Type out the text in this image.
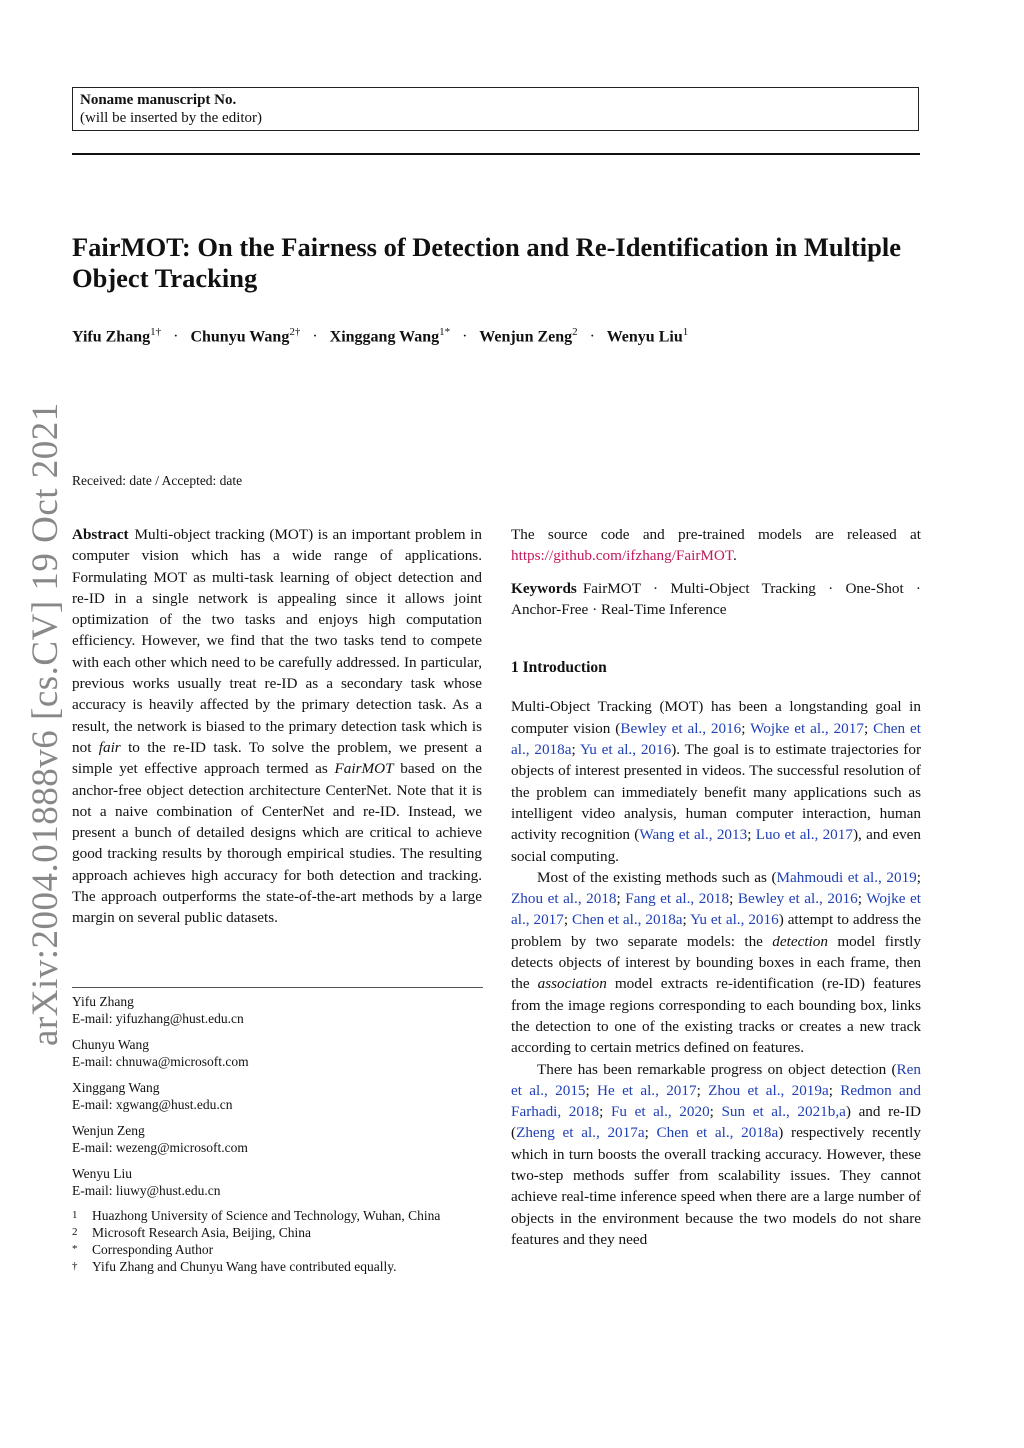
Noname manuscript No.
(will be inserted by the editor)
FairMOT: On the Fairness of Detection and Re-Identification in Multiple Object Tracking
Yifu Zhang$^{1\dagger}$ · Chunyu Wang$^{2\dagger}$ · Xinggang Wang$^{1*}$ · Wenjun Zeng$^2$ · Wenyu Liu$^1$
arXiv:2004.01888v6 [cs.CV] 19 Oct 2021 Received: date / Accepted: date

Abstract Multi-object tracking (MOT) is an important problem in computer vision which has a wide range of applications. Formulating MOT as multi-task learning of object detection and re-ID in a single network is appealing since it allows joint optimization of the two tasks and enjoys high computation efficiency. However, we find that the two tasks tend to compete with each other which need to be carefully addressed. In particular, previous works usually treat re-ID as a secondary task whose accuracy is heavily affected by the primary detection task. As a result, the network is biased to the primary detection task which is not fair to the re-ID task. To solve the problem, we present a simple yet effective approach termed as FairMOT based on the anchor-free object detection architecture CenterNet. Note that it is not a naive combination of CenterNet and re-ID. Instead, we present a bunch of detailed designs which are critical to achieve good tracking results by thorough empirical studies. The resulting approach achieves high accuracy for both detection and tracking. The approach outperforms the state-of-the-art methods by a large margin on several public datasets.

Yifu Zhang
E-mail: yifuzhang@hust.edu.cn
Chunyu Wang
E-mail: chnuwa@microsoft.com
Xinggang Wang
E-mail: xgwang@hust.edu.cn
Wenjun Zeng
E-mail: wezeng@microsoft.com
Wenyu Liu
E-mail: liuwy@hust.edu.cn
1	Huazhong University of Science and Technology, Wuhan, China
2	Microsoft Research Asia, Beijing, China
*	Corresponding Author
†	Yifu Zhang and Chunyu Wang have contributed equally.

The source code and pre-trained models are released at https://github.com/ifzhang/FairMOT.

Keywords FairMOT · Multi-Object Tracking · One-Shot · Anchor-Free · Real-Time Inference

1 Introduction

Multi-Object Tracking (MOT) has been a longstanding goal in computer vision (Bewley et al., 2016; Wojke et al., 2017; Chen et al., 2018a; Yu et al., 2016). The goal is to estimate trajectories for objects of interest presented in videos. The successful resolution of the problem can immediately benefit many applications such as intelligent video analysis, human computer interaction, human activity recognition (Wang et al., 2013; Luo et al., 2017), and even social computing.

Most of the existing methods such as (Mahmoudi et al., 2019; Zhou et al., 2018; Fang et al., 2018; Bewley et al., 2016; Wojke et al., 2017; Chen et al., 2018a; Yu et al., 2016) attempt to address the problem by two separate models: the detection model firstly detects objects of interest by bounding boxes in each frame, then the association model extracts re-identification (re-ID) features from the image regions corresponding to each bounding box, links the detection to one of the existing tracks or creates a new track according to certain metrics defined on features.

There has been remarkable progress on object detection (Ren et al., 2015; He et al., 2017; Zhou et al., 2019a; Redmon and Farhadi, 2018; Fu et al., 2020; Sun et al., 2021b,a) and re-ID (Zheng et al., 2017a; Chen et al., 2018a) respectively recently which in turn boosts the overall tracking accuracy. However, these two-step methods suffer from scalability issues. They cannot achieve real-time inference speed when there are a large number of objects in the environment because the two models do not share features and they need
